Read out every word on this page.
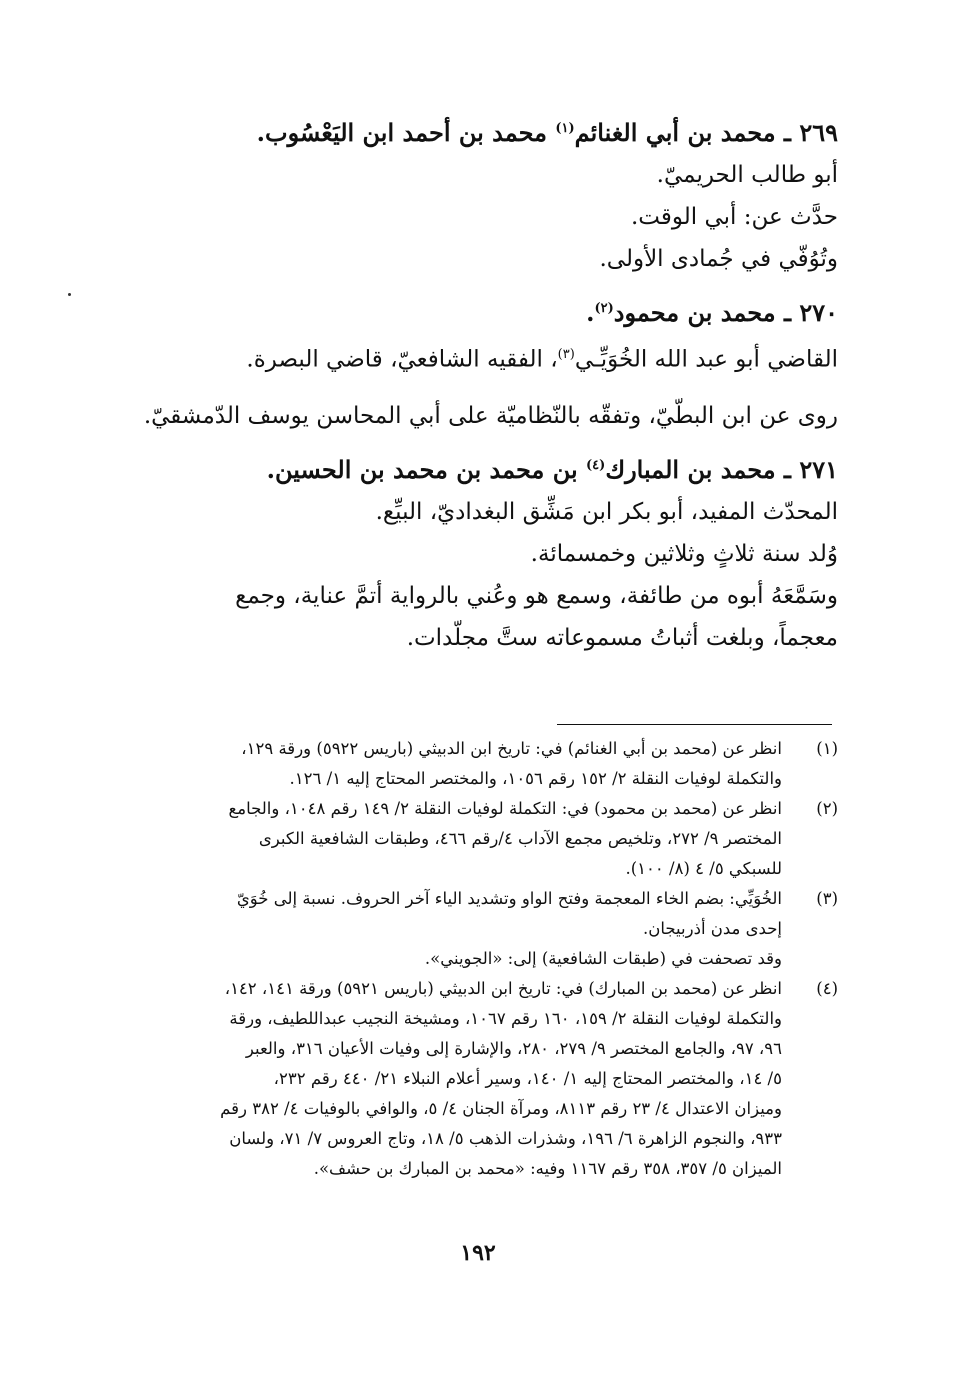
٢٦٩ ـ محمد بن أبي الغنائم$^{(١)}$ محمد بن أحمد ابن اليَعْسُوب.

أبو طالب الحريميّ.

حدَّث عن: أبي الوقت.

وتُوُفّي في جُمادى الأولى.

٢٧٠ ـ محمد بن محمود$^{(٢)}$.

القاضي أبو عبد الله الخُوَيِّـي$^{(٣)}$، الفقيه الشافعيّ، قاضي البصرة.

روى عن ابن البطّيّ، وتفقّه بالنّظاميّة على أبي المحاسن يوسف الدّمشقيّ.

٢٧١ ـ محمد بن المبارك$^{(٤)}$ بن محمد بن محمد بن الحسين.

المحدّث المفيد، أبو بكر ابن مَشِّق البغداديّ، البيِّع.

وُلد سنة ثلاثٍ وثلاثين وخمسمائة.

وسَمَّعَهُ أبوه من طائفة، وسمع هو وعُني بالرواية أتمَّ عناية، وجمع

معجماً، وبلغت أثباتُ مسموعاته ستَّ مجلّدات.

(١)
انظر عن (محمد بن أبي الغنائم) في: تاريخ ابن الدبيثي (باريس ٥٩٢٢) ورقة ١٢٩،
والتكملة لوفيات النقلة ٢/ ١٥٢ رقم ١٠٥٦، والمختصر المحتاج إليه ١/ ١٢٦.
(٢)
انظر عن (محمد بن محمود) في: التكملة لوفيات النقلة ٢/ ١٤٩ رقم ١٠٤٨، والجامع
المختصر ٩/ ٢٧٢، وتلخيص مجمع الآداب ٤/رقم ٤٦٦، وطبقات الشافعية الكبرى
للسبكي ٥/ ٤ (٨/ ١٠٠).
(٣)
الخُوَيِّي: بضم الخاء المعجمة وفتح الواو وتشديد الياء آخر الحروف. نسبة إلى خُوَيّ
إحدى مدن أذربيجان.

وقد تصحفت في (طبقات الشافعية) إلى: «الجويني».

(٤)
انظر عن (محمد بن المبارك) في: تاريخ ابن الدبيثي (باريس ٥٩٢١) ورقة ١٤١، ١٤٢،
والتكملة لوفيات النقلة ٢/ ١٥٩، ١٦٠ رقم ١٠٦٧، ومشيخة النجيب عبداللطيف، ورقة
٩٦، ٩٧، والجامع المختصر ٩/ ٢٧٩، ٢٨٠، والإشارة إلى وفيات الأعيان ٣١٦، والعبر
٥/ ١٤، والمختصر المحتاج إليه ١/ ١٤٠، وسير أعلام النبلاء ٢١/ ٤٤٠ رقم ٢٣٢،
وميزان الاعتدال ٤/ ٢٣ رقم ٨١١٣، ومرآة الجنان ٤/ ٥، والوافي بالوفيات ٤/ ٣٨٢ رقم
٩٣٣، والنجوم الزاهرة ٦/ ١٩٦، وشذرات الذهب ٥/ ١٨، وتاج العروس ٧/ ٧١، ولسان
الميزان ٥/ ٣٥٧، ٣٥٨ رقم ١١٦٧ وفيه: «محمد بن المبارك بن حشف».
١٩٢
